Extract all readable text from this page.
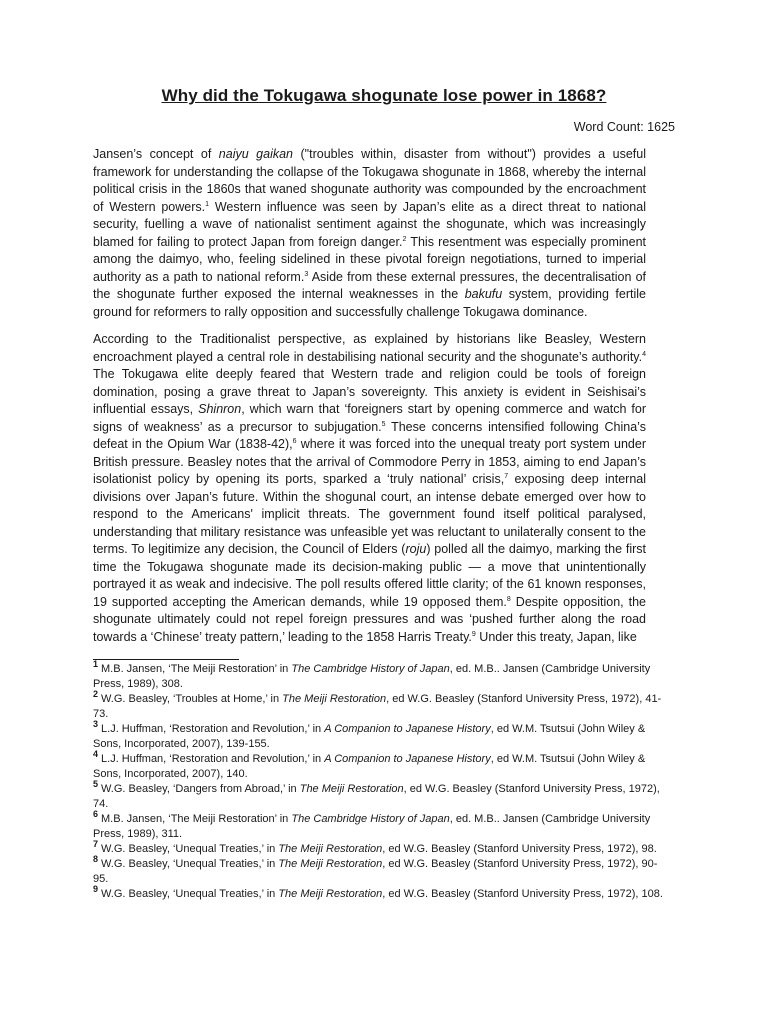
Why did the Tokugawa shogunate lose power in 1868?
Word Count: 1625

Jansen’s concept of naiyu gaikan ("troubles within, disaster from without") provides a useful framework for understanding the collapse of the Tokugawa shogunate in 1868, whereby the internal political crisis in the 1860s that waned shogunate authority was compounded by the encroachment of Western powers.$^1$ Western influence was seen by Japan’s elite as a direct threat to national security, fuelling a wave of nationalist sentiment against the shogunate, which was increasingly blamed for failing to protect Japan from foreign danger.$^2$ This resentment was especially prominent among the daimyo, who, feeling sidelined in these pivotal foreign negotiations, turned to imperial authority as a path to national reform.$^3$ Aside from these external pressures, the decentralisation of the shogunate further exposed the internal weaknesses in the bakufu system, providing fertile ground for reformers to rally opposition and successfully challenge Tokugawa dominance.

According to the Traditionalist perspective, as explained by historians like Beasley, Western encroachment played a central role in destabilising national security and the shogunate’s authority.$^4$ The Tokugawa elite deeply feared that Western trade and religion could be tools of foreign domination, posing a grave threat to Japan’s sovereignty. This anxiety is evident in Seishisai’s influential essays, Shinron, which warn that ‘foreigners start by opening commerce and watch for signs of weakness’ as a precursor to subjugation.$^5$ These concerns intensified following China’s defeat in the Opium War (1838-42),$^6$ where it was forced into the unequal treaty port system under British pressure. Beasley notes that the arrival of Commodore Perry in 1853, aiming to end Japan’s isolationist policy by opening its ports, sparked a ‘truly national’ crisis,$^7$ exposing deep internal divisions over Japan’s future. Within the shogunal court, an intense debate emerged over how to respond to the Americans' implicit threats. The government found itself political paralysed, understanding that military resistance was unfeasible yet was reluctant to unilaterally consent to the terms. To legitimize any decision, the Council of Elders (roju) polled all the daimyo, marking the first time the Tokugawa shogunate made its decision-making public — a move that unintentionally portrayed it as weak and indecisive. The poll results offered little clarity; of the 61 known responses, 19 supported accepting the American demands, while 19 opposed them.$^8$ Despite opposition, the shogunate ultimately could not repel foreign pressures and was ‘pushed further along the road towards a ‘Chinese’ treaty pattern,’ leading to the 1858 Harris Treaty.$^9$ Under this treaty, Japan, like

$^1$ M.B. Jansen, ‘The Meiji Restoration’ in The Cambridge History of Japan, ed. M.B.. Jansen (Cambridge University Press, 1989), 308.
$^2$ W.G. Beasley, ‘Troubles at Home,’ in The Meiji Restoration, ed W.G. Beasley (Stanford University Press, 1972), 41-73.
$^3$ L.J. Huffman, ‘Restoration and Revolution,’ in A Companion to Japanese History, ed W.M. Tsutsui (John Wiley & Sons, Incorporated, 2007), 139-155.
$^4$ L.J. Huffman, ‘Restoration and Revolution,’ in A Companion to Japanese History, ed W.M. Tsutsui (John Wiley & Sons, Incorporated, 2007), 140.
$^5$ W.G. Beasley, ‘Dangers from Abroad,’ in The Meiji Restoration, ed W.G. Beasley (Stanford University Press, 1972), 74.
$^6$ M.B. Jansen, ‘The Meiji Restoration’ in The Cambridge History of Japan, ed. M.B.. Jansen (Cambridge University Press, 1989), 311.
$^7$ W.G. Beasley, ‘Unequal Treaties,’ in The Meiji Restoration, ed W.G. Beasley (Stanford University Press, 1972), 98.
$^8$ W.G. Beasley, ‘Unequal Treaties,’ in The Meiji Restoration, ed W.G. Beasley (Stanford University Press, 1972), 90-95.
$^9$ W.G. Beasley, ‘Unequal Treaties,’ in The Meiji Restoration, ed W.G. Beasley (Stanford University Press, 1972), 108.
